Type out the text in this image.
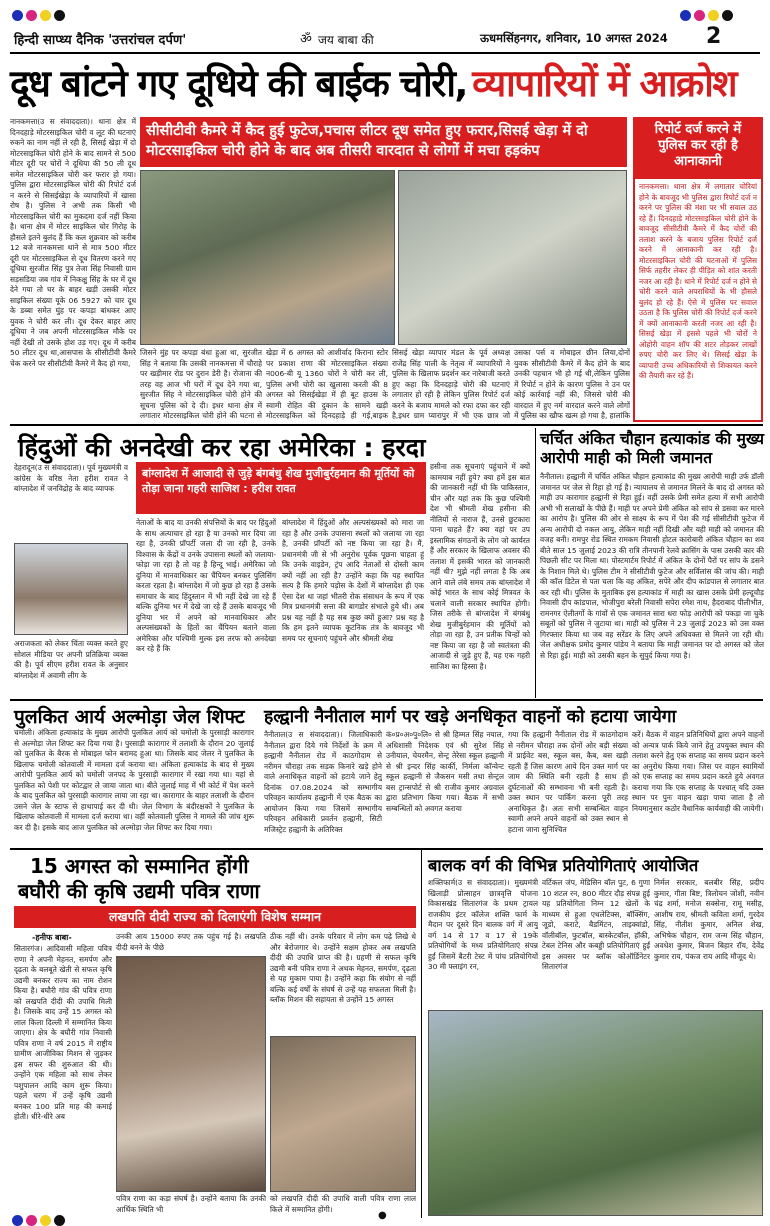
हिन्दी साप्ध्य दैनिक 'उत्तरांचल दर्पण'	ॐ जय बाबा की	ऊधमसिंहनगर, शनिवार, 10 अगस्त 2024 2
दूध बांटने गए दूधिये की बाईक चोरी, व्यापारियों में आक्रोश
नानकमत्ता(उ स संवाददाता)। थाना क्षेत्र में दिनदहाड़े मोटरसाइकिल चोरी व लूट की घटनाएं रुकने का नाम नहीं ले रही है, सिसई खेड़ा में दो मोटरसाइकिल चोरी होने के बाद सामने से 500 मीटर दूरी पर चोरों ने दूधिया की 50 ली दूध समेत मोटरसाइकिल चोरी कर फरार हो गया। पुलिस द्वारा मोटरसाइकिल चोरी की रिपोर्ट दर्ज न करने से सिसईखेड़ा के व्यापारियों में खासा रोष है। पुलिस ने अभी तक किसी भी मोटरसाइकिल चोरी का मुकदमा दर्ज नहीं किया है। थाना क्षेत्र में मोटर साइकिल चोर गिरोह के हौसले इतने बुलंद हैं कि कल शुक्रवार को करीब 12 बजे नानकमत्ता थाने से मात्र 500 मीटर दूरी पर मोटरसाइकिल से दूध वितरण करने गए दूधिया सुरजीत सिंह पुत्र तेजा सिंह निवासी ग्राम सड़सडिया जब गांव में निकक्षु सिंह के घर में दूध देने गया तो घर के बाहर खड़ी उसकी मोटर साइकिल संख्या यूके 06 5927 को चार दूध के डब्बा समेत घुंह पर कपड़ा बांधकर आए युवक ने चोरी कर ली। दूध देकर बाहर आए दूधिया ने जब अपनी मोटरसाइकिल मौके पर नहीं देखी तो उसके होश उड़ गए। दूध में करीब 50 लीटर दूध था,आसपास के सीसीटीवी कैमरे चेक करने पर सीसीटीवी कैमरे में कैद हो गया,
सीसीटीवी कैमरे में कैद हुई फुटेज,पचास लीटर दूध समेत हुए फरार,सिसई खेड़ा में दो मोटरसाइकिल चोरी होने के बाद अब तीसरी वारदात से लोगों में मचा हड़कंप
जिसने मुंह पर कपड़ा बंधा हुआ था, सुरजीत सिंह ने बताया कि उसकी नानकमत्ता में चौराहे पर खड़ीमार रोड पर दुरान डेरी है। रोजाना की तरह वह आज भी घरों में दूध देने गया था, सुरजीत सिंह ने मोटरसाइकिल चोरी होने की सूचना पुलिस को दे दी। इधर थाना क्षेत्र में लगातार मोटरसाइकिल चोरी होने की घटना से
खेड़ा में 6 अगस्त को आशीर्वाद किराना स्टोर पर प्रकाश राणा की मोटरसाइकिल संख्या न006-बी यू 1360 चोरों ने चोरी कर ली, पुलिस अभी चोरी का खुलासा करती की 8 अगस्त को सिसईखेड़ा में ही बूट हाउस के स्वामी रोहित की दुकान के सामने खड़ी मोटरसाइकिल को दिनदहाड़े ही गई,बाइक
सिसई खेड़ा व्यापार मंडल के पूर्व अध्यक्ष राजेंद्र सिंह पाली के नेतृत्व में व्यापारियों ने पुलिस के खिलाफ प्रदर्शन कर नारेबाजी करते हुए कहा कि दिनदहाड़े चोरी की घटनाएं लगातार हो रही है लेकिन पुलिस रिपोर्ट दर्ज करने के बजाय मामले को रफा दफा कर रही है,इधर ग्राम प्यारापुर में भी एक छात्र जो
उसका पर्स व मोबाइल छीन लिया,दोनों युवक सीसीटीवी कैमरे में कैद होने के बाद उनकी पहचान भी हो गई थी,लेकिन पुलिस में रिपोर्ट न होने के कारण पुलिस ने उन पर कोई कार्रवाई नहीं की, जिससे चोरी की वारदात में हुए नर्म वारदात करने वाले लोगों में पुलिस का खौफ खत्म हो गया है, हालांकि
रिपोर्ट दर्ज करने में पुलिस कर रही है आनाकानी
नानकमत्ता। थाना क्षेत्र में लगातार चोरियां होने के बावजूद भी पुलिस द्वारा रिपोर्ट दर्ज न करने पर पुलिस की मंशा पर भी सवाल उठ रहे हैं। दिनदहाड़े मोटरसाइकिल चोरी होने के बावजूद सीसीटीवी कैमरे में कैद चोरों की तलाश करने के बजाय पुलिस रिपोर्ट दर्ज करने में आनाकानी कर रही है। मोटरसाइकिल चोरी की घटनाओं में पुलिस सिर्फ तहरीर लेकर ही पीड़ित को शांत करती नजर आ रही है। थाने में रिपोर्ट दर्ज न होने से चोरी करने वाले अपराधियों के भी हौसले बुलंद हो रहे हैं। ऐसे में पुलिस पर सवाल उठता है कि पुलिस चोरी की रिपोर्ट दर्ज करने में क्यों आनाकानी करती नजर आ रही है। सिसई खेड़ा में इससे पहले भी चोरों ने ओहोरी वाहन शॉप की शटर तोड़कर लाखों रुपए चोरी कर लिए थे। सिसई खेड़ा के व्यापारी उच्च अधिकारियों से शिकायत करने की तैयारी कर रहे हैं।
हिंदुओं की अनदेखी कर रहा अमेरिका : हरदा
देहरादून(उ स संवाददाता)। पूर्व मुख्यमंत्री व कांग्रेस के वरिष्ठ नेता हरीश रावत ने बांग्लादेश में जनविद्रोह के बाद व्यापक
अराजकता को लेकर चिंता व्यक्त करते हुए सोशल मीडिया पर अपनी प्रतिक्रिया व्यक्त की है। पूर्व सीएम हरीश रावत के अनुसार बांग्लादेश में अवामी लीग के
बांग्लादेश में आजादी से जुड़े बंगबंधु शेख मुजीबुर्रहमान की मूर्तियों को तोड़ा जाना गहरी साजिश : हरीश रावत
नेताओं के बाद या उनकी संपत्तियों के बाद पर हिंदुओं के साथ अत्याचार हो रहा है या उनको मार दिया जा रहा है, उनकी प्रॉपर्टी जला दी जा रही है, उनके विश्वास के केंद्रों व उनके उपासना स्थलों को जलाया-फोड़ा जा रहा है तो वह है हिन्दू भाई। अमेरिका जो दुनिया में मानवाधिकार का चैंपियन बनकर पुलिसिंग करता रहता है। बांग्लादेश में जो कुछ हो रहा है उसके समाचार के बाद हिंदुस्तान में भी नहीं देखे जा रहे हैं बल्कि दुनिया भर में देखे जा रहे हैं उसके बावजूद भी दुनिया भर में अपने को मानवाधिकार और अल्पसंख्यकों के हितों का चैंपियन बताने वाला अमेरिका और पश्चिमी मुल्क इस तरफ को अनदेखा कर रहे हैं कि
बांग्लादेश में हिंदुओं और अल्पसंख्यकों को मारा जा रहा है और उनके उपासना स्थलों को जलाया जा रहा है, उनकी प्रॉपर्टी को नष्ट किया जा रहा है। मैं, प्रधानमंत्री जी से भी अनुरोध पूर्वक पूछना चाहता हूं कि उनके वाइडेन, ट्रंप आदि नेताओं से दोस्ती काम क्यों नहीं आ रही है? उन्होंने कहा कि यह स्थापित सत्य है कि हमारे पड़ोस के देशों में बांग्लादेश ही एक ऐसा देश था जहां भीतरी रोक संसाधन के रूप में एक मित्र प्रधानमंत्री सत्ता की बागडोर संभाले हुये थी। अब प्रश्न यह नहीं है यह सब कुछ क्यों हुआ? प्रश्न यह है कि हम इतने व्यापक कूटनिक तंत्र के बावजूद भी समय पर सूचनाएं पहुंचने और श्रीमती शेख
हसीना तक सूचनाएं पहुंचाने में क्यों कामयाब नहीं हुये? क्या हमें इस बात की जानकारी नहीं थी कि पाकिस्तान, चीन और यहां तक कि कुछ पश्चिमी देश भी श्रीमती शेख हसीना की नीतियों से नाराज हैं, उनसे छुटकारा पाना चाहते हैं? क्या वहां पर उप इस्लामिक संगठनों के लोग जो कार्यरत हैं और सरकार के खिलाफ अवसर की तलाश में इसकी भारत को जानकारी नहीं थी? मुझे नहीं लगता है कि अब आने वाले लंबे समय तक बांग्लादेश में कोई भारत के साथ कोई मित्रवत के चलाने वाली सरकार स्थापित होगी। जिस तरीके से बांग्लादेश में बंगबंधु शेख मुजीबुर्रहमान की मूर्तियों को तोड़ा जा रहा है, उन प्रतीक चिन्हों को नष्ट किया जा रहा है जो स्वतंत्रता की आजादी से जुड़े हुए हैं, यह एक गहरी साजिश का हिस्सा है।
चर्चित अंकित चौहान हत्याकांड की मुख्य आरोपी माही को मिली जमानत
नैनीताल। हल्द्वानी में चर्चित अंकित चौहान हत्याकांड की मुख्य आरोपी माही उर्फ डॉली जमानत पर जेल से रिहा हो गई है। न्यायालय से जमानत मिलने के बाद दो अगस्त को माही उप कारागार हल्द्वानी से रिहा हुई। वहीं उसके प्रेमी समेत हत्या में सभी आरोपी अभी भी सलाखों के पीछे हैं। माही पर अपने प्रेमी अंकित को सांप से डसवा कर मारने का आरोप है। पुलिस की ओर से साक्ष्य के रूप में पेश की गई सीसीटीवी फुटेज में अन्य आरोपी दो नकल आयु, लेकिन माही नहीं दिखी और यही माही को जमानत की वजह बनी। रामपुर रोड स्थित रामकम निवासी होटल कारोबारी अंकित चौहान का शव बीते साल 15 जुलाई 2023 की रात्रि तीनपानी रेलवे क्रासिंग के पास उसकी कार की पिछली सीट पर मिला था। पोस्टमार्टम रिपोर्ट में अंकित के दोनों पैरों पर सांप के डसने के निशान मिले थे। पुलिस टीम ने सीसीटीवी फुटेज और सर्विलांस की जांच की। माही की कॉल डिटेल से पता चला कि वह अंकित, सपेरे और दीप कांडपाल से लगातार बात कर रही थी। पुलिस के मुताबिक इस हत्याकांड में माही का खास उसके प्रेमी हल्दूचौड़ निवासी दीप कांडपाल, भोजीपुरा बरेली निवासी सपेरा रमेश नाथ, हैदराबाद पीलीभीत, रामनगर ऐलीतर्गो के गांवों से एक जमानत सारा धरा फोड़ आरोपी को पकड़ा जा चुके सबूतों को पुलिस ने जुटाया था। माही को पुलिस ने 23 जुलाई 2023 को उस वक्त गिरफ्तार किया था जब वह सरेंडर के लिए अपने अधिवक्ता से मिलने जा रही थी। जेल अधीक्षक प्रमोद कुमार पांडेय ने बताया कि माही जमानत पर दो अगस्त को जेल से रिहा हुई। माही को उसकी बहन के सुपुर्द किया गया है।
पुलकित आर्य अल्मोड़ा जेल शिफ्ट
चमोली। अंकिता हत्याकांड के मुख्य आरोपी पुलकित आर्य को चमोली के पुरसाड़ी कारागार से अल्मोड़ा जेल शिफ्ट कर दिया गया है। पुरसाड़ी कारागार में तलाशी के दौरान 20 जुलाई को पुलकित के बैरक से मोबाइल फोन बरामद हुआ था। जिसके बाद जेलर ने पुलकित के खिलाफ चमोली कोतवाली में मामला दर्ज कराया था। अंकिता हत्याकांड के बाद से मुख्य आरोपी पुलकित आर्य को चमोली जनपद के पुरसाड़ी कारागार में रखा गया था। यहां से पुलकित को पेशी पर कोटद्वार ले जाया जाता था। बीते जुलाई माह में भी कोर्ट में पेश करने के बाद पुलकित को पुरसाड़ी कारागार लाया जा रहा था। कारागार के बाहर तलाशी के दौरान उसने जेल के स्टाफ से हाथापाई कर दी थी। जेल विभाग के बंदीरक्षकों ने पुलकित के खिलाफ कोतवाली में मामला दर्ज कराया था। वहीं कोतवाली पुलिस ने मामले की जांच शुरू कर दी है। इसके बाद आज पुलकित को अल्मोड़ा जेल शिफ्ट कर दिया गया।
हल्द्वानी नैनीताल मार्ग पर खड़े अनधिकृत वाहनों को हटाया जायेगा
नैनीताल(उ स संवाददाता)। जिलाधिकारी नैनीताल द्वारा दिये गये निर्देशों के क्रम में हल्द्वानी नैनीताल रोड में काठगोदाम से नरीमन चौराहा तक सड़क किनारे खड़े होने वाले अनाधिकृत वाहनों को हटाये जाने हेतु दिनांक 07.08.2024 को सम्भागीय परिवहन कार्यालय हल्द्वानी में एक बैठक का आयोजन किया गया जिसमें सम्भागीय परिवहन अधिकारी प्रवर्तन हल्द्वानी, सिटी मजिस्ट्रेट हल्द्वानी के अतिरिक्त
कं०प्र०अ०पु०लि० से श्री हिम्मत सिंह नयाल, अधिशासी निदेशक एवं श्री सुरेश सिंह उनीयाल, चेयरमैन, सेन्ट्र तेरेसा स्कूल हल्द्वानी से श्री इन्दर सिंह कार्की, निर्मला कॉन्वेन्ट स्कूल हल्द्वानी से जैकसन मसी तथा सेन्ट्रल बस ट्रान्सपोर्ट से श्री राजीव कुमार अग्रवाल द्वारा प्रतिभाग किया गया। बैठक में सभी सम्बन्धितों को अवगत कराया
गया कि हल्द्वानी नैनीताल रोड में काठगोदाम से नरीमन चौराहा तक दोनों ओर बड़ी संख्या में प्राईवेट बस, स्कूल बस, कैब, बस खड़ी रहती हैं जिस कारण आये दिन उक्त मार्ग पर जाम की स्थिति बनी रहती है साथ ही दुर्घटनाओं की सम्भावना भी बनी रहती है। उक्त स्थान पर पार्किंग करना पूरी तरह अनाधिकृत है। अतः सभी सम्बन्धित वाहन स्वामी अपने अपने वाहनों को उक्त स्थान से हटाना जाना सुनिश्चित
करें। बैठक में वाहन प्रतिनिधियों द्वारा अपने वाहनों को अन्यत्र पार्क किये जाने हेतु उपयुक्त स्थान की तलाश करने हेतु एक सप्ताह का समय प्रदान करने का अनुरोध किया गया। जिस पर वाहन स्वामियों को एक सप्ताह का समय प्रदान करते हुये अवगत कराया गया कि एक सप्ताह के पश्चात् यदि उक्त स्थान पर पुनः वाहन खड़ा पाया जाता है तो नियमानुसार कठोर वैधानिक कार्यवाही की जायेगी।
15 अगस्त को सम्मानित होंगी
बघौरी की कृषि उद्यमी पवित्र राणा
लखपति दीदी राज्य को दिलाएंगी विशेष सम्मान
-हनीफ बाबा-
सितारगंज। आदिवासी महिला पवित्र राणा ने अपनी मेहनत, समर्पण और दृढ़ता के बलबूते खेती से सफल कृषि उद्यमी बनकर राज्य का नाम रोशन किया है। बघौरी गांव की पवित्र राणा को लखपति दीदी की उपाधि मिली है। जिसके बाद उन्हें 15 अगस्त को लाल किला दिल्ली में सम्मानित किया जाएगा। क्षेत्र के बघौरी गांव निवासी पवित्र राणा ने वर्ष 2015 में राष्ट्रीय ग्रामीण आजीविका मिशन से जुड़कर इस सफर की शुरुआत की थी। उन्होंने एक महिला को साथ लेकर पशुपालन आदि काम शुरू किया। पहले चरण में उन्हें कृषि उद्यमी बनकर 100 प्रति माह की कमाई होती। धीरे-धीरे अब
उनकी आय 15000 रुपए तक पहुंच गई है। लखपति दीदी बनने के पीछे
पवित्र राणा का कड़ा संघर्ष है। उन्होंने बताया कि उनकी आर्थिक स्थिति भी
ठीक नहीं थी। उनके परिवार में लोग कम पढ़े लिखे थे और बेरोजगार थे। उन्होंने सक्षम होकर अब लखपति दीदी की उपाधि प्राप्त की है। ग्रहणी से सफल कृषि उद्यमी बनी पवित्र राणा ने अथक मेहनत, समर्पण, दृढ़ता से यह मुकाम पाया है। उन्होंने कहा कि संयोग से नहीं बल्कि कई वर्षों के संघर्ष से उन्हें यह सफलता मिली है। ब्लॉक मिशन की सहायता से उन्होंने 15 अगस्त
को लखपति दीदी की उपाधि वाली पवित्र राणा लाल किले में सम्मानित होंगी।
बालक वर्ग की विभिन्न प्रतियोगिताएं आयोजित
शक्तिफार्म(उ स संवाददाता)। मुख्यमंत्री खिलाड़ी प्रोत्साहन छात्रवृत्ति योजना विकासखंड सितारगंज के प्रथम ट्रायल राजकीय इंटर कॉलेज शक्ति फार्म के मैदान पर दूसरे दिन बालक वर्ग में आयु वर्ग 14 से 17 व 17 से 19के प्रतियोगियों के मध्य प्रतियोगिताएं संपन्न हुईं जिसमें बैटरी टेस्ट में पांच प्रतियोगियों 30 मी फ्लाइंग रन,
वर्टिकल जंप, मेडिसिन बॉल पुट, 6 गुणा 10 शटल रन, 800 मीटर दौड़ संपन्न हुई यह प्रतियोगिता निम्न 12 खेलों के माध्यम से हुआ एथलेटिक्स, बॉक्सिंग, जूडो, कराटे, बैडमिंटन, ताइक्वांडो, वॉलीबॉल, फुटबॉल, बास्केटबॉल, हॉकी, टेबल टेनिस और कबड्डी प्रतियोगिताएं हुईं इस अवसर पर ब्लॉक कोऑर्डिनेटर सितारगंज
निर्मल सरकार, बलबीर सिंह, प्रदीप कुमार, गीता बिष्ट, त्रिलोचन जोशी, नवीन चंद्र शर्मा, मनोज सक्सेना, रामू मसीह, आशीष राय, श्रीमती कविता शर्मा, गुरदेव सिंह, नीतीश कुमार, अनिल शेख, अभिषेक चौहान, राम जन्म सिंह चौहान, अवधेश कुमार, बिजन बिहार रॉय, देवेंद्र कुमार राय, पंकज राय आदि मौजूद थे।
●
